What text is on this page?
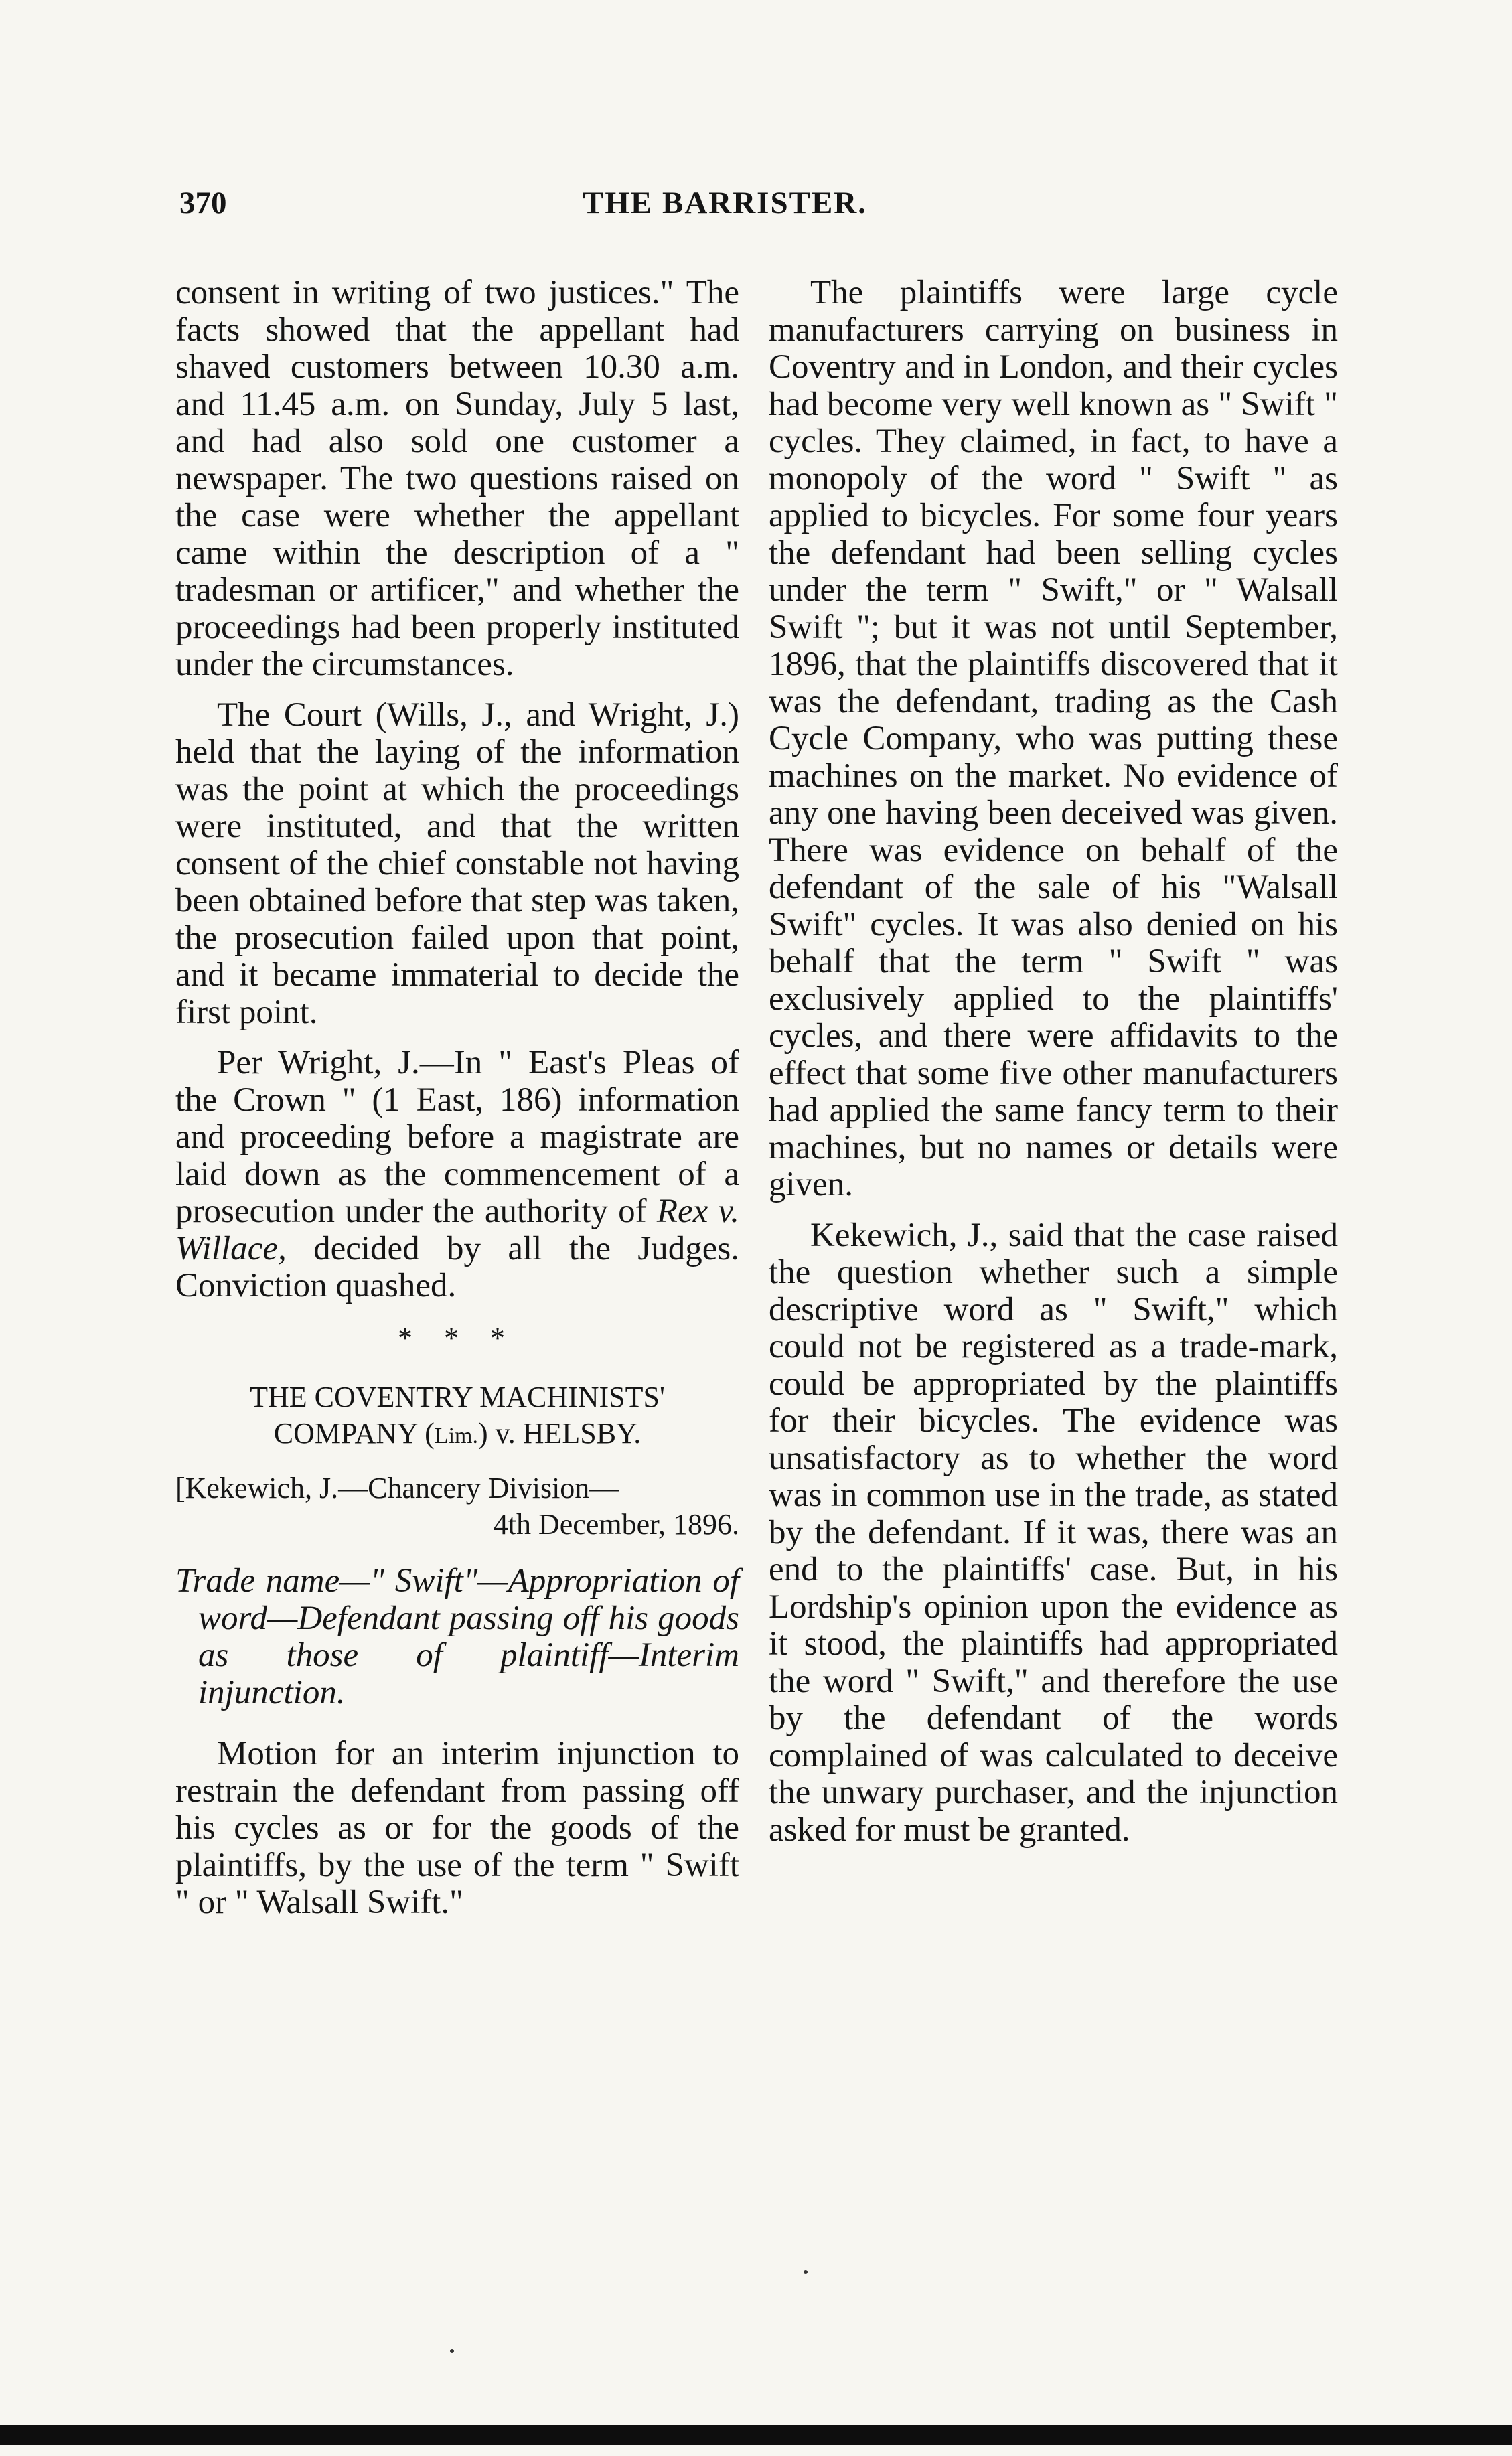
370	THE BARRISTER.

consent in writing of two justices." The facts showed that the appellant had shaved customers between 10.30 a.m. and 11.45 a.m. on Sunday, July 5 last, and had also sold one customer a newspaper. The two questions raised on the case were whether the appellant came within the description of a " tradesman or artificer," and whether the proceedings had been properly instituted under the circumstances.

The Court (Wills, J., and Wright, J.) held that the laying of the information was the point at which the proceedings were instituted, and that the written consent of the chief constable not having been obtained before that step was taken, the prosecution failed upon that point, and it became immaterial to decide the first point.

Per Wright, J.—In " East's Pleas of the Crown " (1 East, 186) information and proceeding before a magistrate are laid down as the commencement of a prosecution under the authority of Rex v. Willace, decided by all the Judges. Conviction quashed.

* * *

THE COVENTRY MACHINISTS' COMPANY (Lim.) v. HELSBY.

[Kekewich, J.—Chancery Division—
4th December, 1896.

Trade name—" Swift"—Appropriation of word—Defendant passing off his goods as those of plaintiff—Interim injunction.

Motion for an interim injunction to restrain the defendant from passing off his cycles as or for the goods of the plaintiffs, by the use of the term " Swift " or " Walsall Swift."

The plaintiffs were large cycle manufacturers carrying on business in Coventry and in London, and their cycles had become very well known as " Swift " cycles. They claimed, in fact, to have a monopoly of the word " Swift " as applied to bicycles. For some four years the defendant had been selling cycles under the term " Swift," or " Walsall Swift "; but it was not until September, 1896, that the plaintiffs discovered that it was the defendant, trading as the Cash Cycle Company, who was putting these machines on the market. No evidence of any one having been deceived was given. There was evidence on behalf of the defendant of the sale of his "Walsall Swift" cycles. It was also denied on his behalf that the term " Swift " was exclusively applied to the plaintiffs' cycles, and there were affidavits to the effect that some five other manufacturers had applied the same fancy term to their machines, but no names or details were given.

Kekewich, J., said that the case raised the question whether such a simple descriptive word as " Swift," which could not be registered as a trade-mark, could be appropriated by the plaintiffs for their bicycles. The evidence was unsatisfactory as to whether the word was in common use in the trade, as stated by the defendant. If it was, there was an end to the plaintiffs' case. But, in his Lordship's opinion upon the evidence as it stood, the plaintiffs had appropriated the word " Swift," and therefore the use by the defendant of the words complained of was calculated to deceive the unwary purchaser, and the injunction asked for must be granted.
